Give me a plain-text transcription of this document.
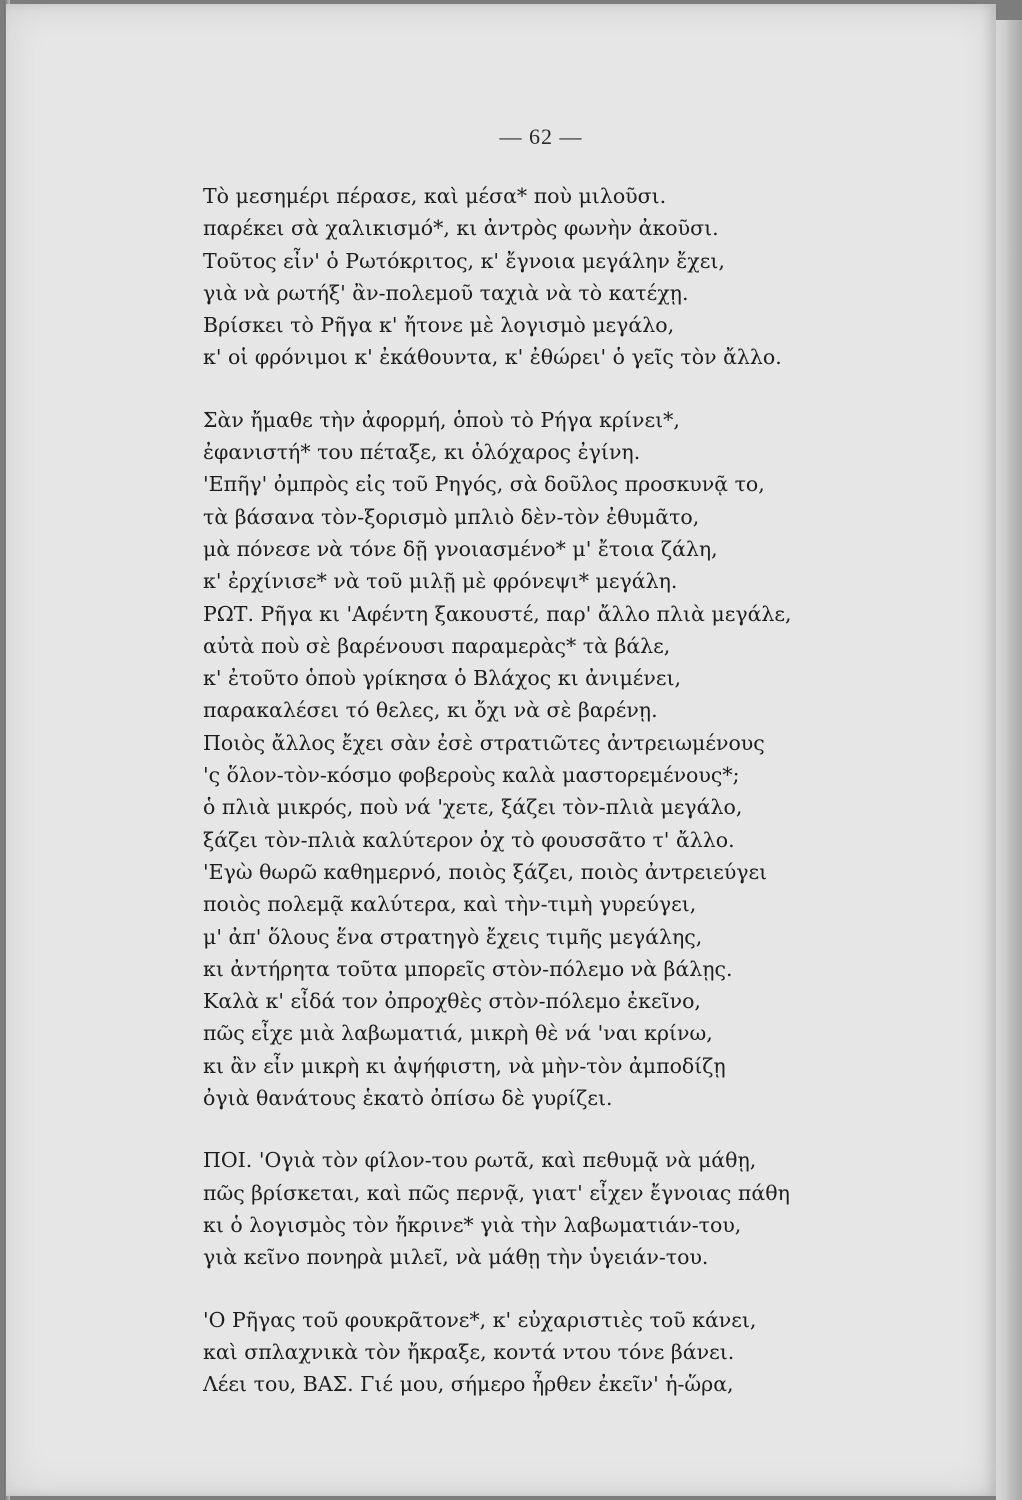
— 62 —
Τὸ μεσημέρι πέρασε, καὶ μέσα* ποὺ μιλοῦσι.
παρέκει σὰ χαλικισμό*, κι ἀντρὸς φωνὴν ἀκοῦσι.
Τοῦτος εἶν' ὁ Ρωτόκριτος, κ' ἔγνοια μεγάλην ἔχει,
γιὰ νὰ ρωτήξ' ἂν-πολεμοῦ ταχιὰ νὰ τὸ κατέχῃ.
Βρίσκει τὸ Ρῆγα κ' ἤτονε μὲ λογισμὸ μεγάλο,
κ' οἱ φρόνιμοι κ' ἐκάθουντα, κ' ἐθώρει' ὁ γεῖς τὸν ἄλλο.
Σὰν ἤμαθε τὴν ἀφορμή, ὁποὺ τὸ Ρήγα κρίνει*,
ἐφανιστή* του πέταξε, κι ὁλόχαρος ἐγίνη.
'Επῆγ' ὀμπρὸς εἰς τοῦ Ρηγός, σὰ δοῦλος προσκυνᾷ το,
τὰ βάσανα τὸν-ξορισμὸ μπλιὸ δὲν-τὸν ἐθυμᾶτο,
μὰ πόνεσε νὰ τόνε δῇ γνοιασμένο* μ' ἔτοια ζάλη,
κ' ἐρχίνισε* νὰ τοῦ μιλῇ μὲ φρόνεψι* μεγάλη.
ΡΩΤ. Ρῆγα κι 'Αφέντη ξακουστέ, παρ' ἄλλο πλιὰ μεγάλε,
αὐτὰ ποὺ σὲ βαρένουσι παραμερὰς* τὰ βάλε,
κ' ἐτοῦτο ὁποὺ γρίκησα ὁ Βλάχος κι ἀνιμένει,
παρακαλέσει τό θελες, κι ὄχι νὰ σὲ βαρένῃ.
Ποιὸς ἄλλος ἔχει σὰν ἐσὲ στρατιῶτες ἀντρειωμένους
'ς ὅλον-τὸν-κόσμο φοβεροὺς καλὰ μαστορεμένους*;
ὁ πλιὰ μικρός, ποὺ νά 'χετε, ξάζει τὸν-πλιὰ μεγάλο,
ξάζει τὸν-πλιὰ καλύτερον ὀχ τὸ φουσσᾶτο τ' ἄλλο.
'Εγὼ θωρῶ καθημερνό, ποιὸς ξάζει, ποιὸς ἀντρειεύγει
ποιὸς πολεμᾷ καλύτερα, καὶ τὴν-τιμὴ γυρεύγει,
μ' ἀπ' ὅλους ἕνα στρατηγὸ ἔχεις τιμῆς μεγάλης,
κι ἀντήρητα τοῦτα μπορεῖς στὸν-πόλεμο νὰ βάλῃς.
Καλὰ κ' εἶδά τον ὀπροχθὲς στὸν-πόλεμο ἐκεῖνο,
πῶς εἶχε μιὰ λαβωματιά, μικρὴ θὲ νά 'ναι κρίνω,
κι ἂν εἶν μικρὴ κι ἀψήφιστη, νὰ μὴν-τὸν ἀμποδίζῃ
ὀγιὰ θανάτους ἑκατὸ ὀπίσω δὲ γυρίζει.
ΠΟΙ. 'Ογιὰ τὸν φίλον-του ρωτᾶ, καὶ πεθυμᾷ νὰ μάθῃ,
πῶς βρίσκεται, καὶ πῶς περνᾷ, γιατ' εἶχεν ἔγνοιας πάθη
κι ὁ λογισμὸς τὸν ἤκρινε* γιὰ τὴν λαβωματιάν-του,
γιὰ κεῖνο πονηρὰ μιλεῖ, νὰ μάθῃ τὴν ὑγειάν-του.
'Ο Ρῆγας τοῦ φουκρᾶτονε*, κ' εὐχαριστιὲς τοῦ κάνει,
καὶ σπλαχνικὰ τὸν ἤκραξε, κοντά ντου τόνε βάνει.
Λέει του, ΒΑΣ. Γιέ μου, σήμερο ἦρθεν ἐκεῖν' ἡ-ὥρα,
